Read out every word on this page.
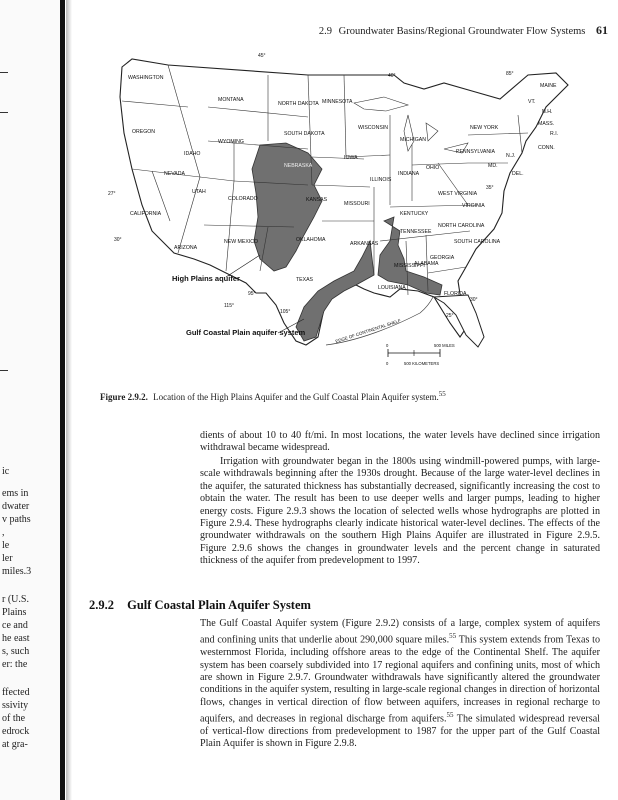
ic
ems in
dwater
v paths
,
le
ler
miles.3
r (U.S.
Plains
ce and
he east
s, such
er: the
ffected
ssivity
of the
edrock
at gra-
2.9 Groundwater Basins/Regional Groundwater Flow Systems 61
WASHINGTON
OREGON
IDAHO
MONTANA
WYOMING
NORTH DAKOTA
SOUTH DAKOTA
MINNESOTA
WISCONSIN
MICHIGAN
NEW YORK
MAINE
VT.
N.H.
MASS.
R.I.
CONN.
PENNSYLVANIA
N.J.
DEL.
MD.
OHIO
INDIANA
ILLINOIS
IOWA
NEBRASKA
NEVADA
CALIFORNIA
UTAH
COLORADO	KANSAS
MISSOURI
KENTUCKY
WEST VIRGINIA
VIRGINIA
TENNESSEE
NORTH CAROLINA
SOUTH CAROLINA
ARIZONA
NEW MEXICO	OKLAHOMA
ARKANSAS
TEXAS
LOUISIANA
MISSISSIPPI
ALABAMA
GEORGIA
FLORIDA
45°
40°
35°
30°
25°
27°
30°
85°
95°
105°
115°
High Plains aquifer
Gulf Coastal Plain aquifer system	EDGE OF CONTINENTAL SHELF
0	500 MILES
0	500 KILOMETERS
Figure 2.9.2. Location of the High Plains Aquifer and the Gulf Coastal Plain Aquifer system.$^{55}$
dients of about 10 to 40 ft/mi. In most locations, the water levels have declined since irrigation withdrawal became widespread.
Irrigation with groundwater began in the 1800s using windmill-powered pumps, with large-scale withdrawals beginning after the 1930s drought. Because of the large water-level declines in the aquifer, the saturated thickness has substantially decreased, significantly increasing the cost to obtain the water. The result has been to use deeper wells and larger pumps, leading to higher energy costs. Figure 2.9.3 shows the location of selected wells whose hydrographs are plotted in Figure 2.9.4. These hydrographs clearly indicate historical water-level declines. The effects of the groundwater withdrawals on the southern High Plains Aquifer are illustrated in Figure 2.9.5. Figure 2.9.6 shows the changes in groundwater levels and the percent change in saturated thickness of the aquifer from predevelopment to 1997.
2.9.2 Gulf Coastal Plain Aquifer System
The Gulf Coastal Aquifer system (Figure 2.9.2) consists of a large, complex system of aquifers and confining units that underlie about 290,000 square miles.$^{55}$ This system extends from Texas to westernmost Florida, including offshore areas to the edge of the Continental Shelf. The aquifer system has been coarsely subdivided into 17 regional aquifers and confining units, most of which are shown in Figure 2.9.7. Groundwater withdrawals have significantly altered the groundwater conditions in the aquifer system, resulting in large-scale regional changes in direction of horizontal flows, changes in vertical direction of flow between aquifers, increases in regional recharge to aquifers, and decreases in regional discharge from aquifers.$^{55}$ The simulated widespread reversal of vertical-flow directions from predevelopment to 1987 for the upper part of the Gulf Coastal Plain Aquifer is shown in Figure 2.9.8.
